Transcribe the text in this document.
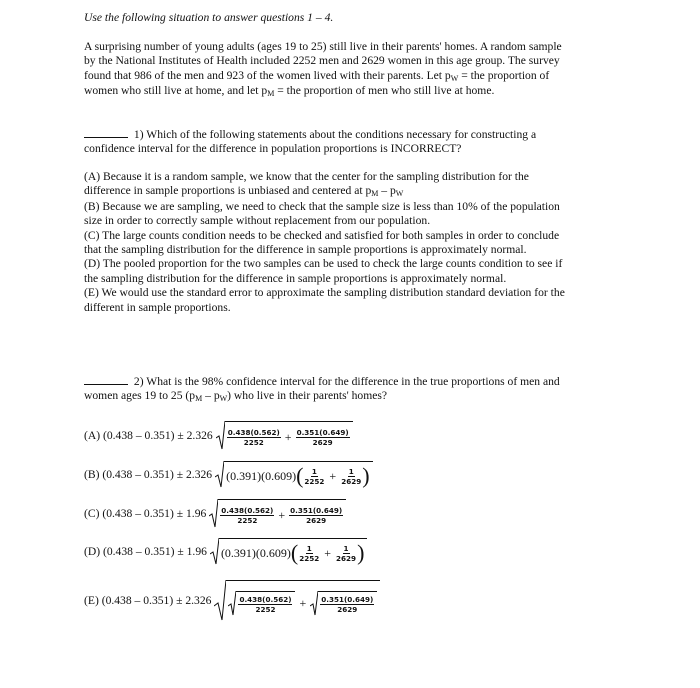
Use the following situation to answer questions 1 – 4.

A surprising number of young adults (ages 19 to 25) still live in their parents' homes. A random sample

by the National Institutes of Health included 2252 men and 2629 women in this age group. The survey

found that 986 of the men and 923 of the women lived with their parents. Let pW = the proportion of

women who still live at home, and let pM = the proportion of men who still live at home.

1) Which of the following statements about the conditions necessary for constructing a

confidence interval for the difference in population proportions is INCORRECT?

(A) Because it is a random sample, we know that the center for the sampling distribution for the

difference in sample proportions is unbiased and centered at pM – pW

(B) Because we are sampling, we need to check that the sample size is less than 10% of the population

size in order to correctly sample without replacement from our population.

(C) The large counts condition needs to be checked and satisfied for both samples in order to conclude

that the sampling distribution for the difference in sample proportions is approximately normal.

(D) The pooled proportion for the two samples can be used to check the large counts condition to see if

the sampling distribution for the difference in sample proportions is approximately normal.

(E) We would use the standard error to approximate the sampling distribution standard deviation for the

different in sample proportions.

2) What is the 98% confidence interval for the difference in the true proportions of men and

women ages 19 to 25 (pM – pW) who live in their parents' homes?

(A) $(0.438 - 0.351) \pm 2.326 \frac{0.438(0.562)}{2252} + \frac{0.351(0.649)}{2629}$
(B) (0.438 – 0.351) ± 2.326 (0.391)(0.609) ( $\frac{1}{2252} + \frac{1}{2629}$ )
(C) $(0.438 - 0.351) \pm 1.96 \frac{0.438(0.562)}{2252} + \frac{0.351(0.649)}{2629}$
(D) (0.438 – 0.351) ± 1.96 (0.391)(0.609) ( $\frac{1}{2252} + \frac{1}{2629}$ )
(E) (0.438 – 0.351) ± 2.326	$\frac{0.438(0.562)}{2252} + \frac{0.351(0.649)}{2629}$
